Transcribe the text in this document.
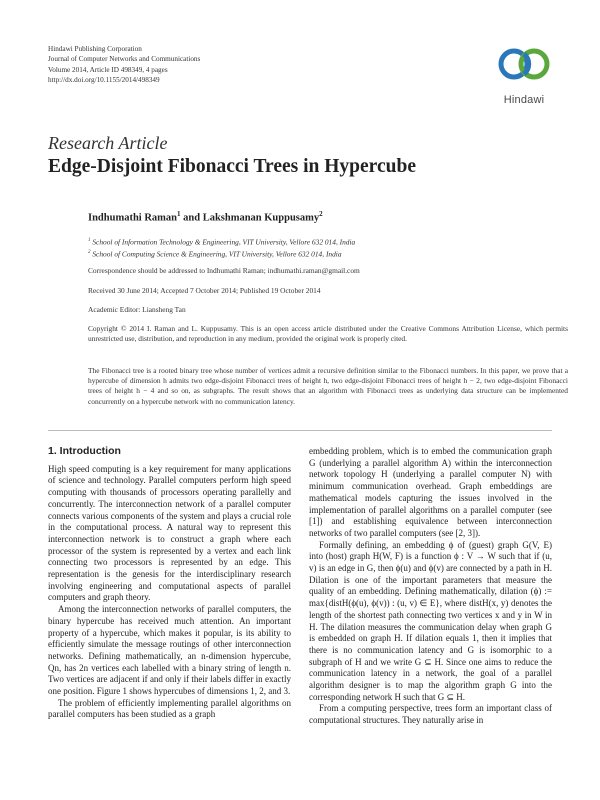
Hindawi Publishing Corporation
Journal of Computer Networks and Communications
Volume 2014, Article ID 498349, 4 pages
http://dx.doi.org/10.1155/2014/498349
Hindawi
Research Article
Edge-Disjoint Fibonacci Trees in Hypercube
Indhumathi Raman$^1$ and Lakshmanan Kuppusamy$^2$
$^1$ School of Information Technology & Engineering, VIT University, Vellore 632 014, India
$^2$ School of Computing Science & Engineering, VIT University, Vellore 632 014, India
Correspondence should be addressed to Indhumathi Raman; indhumathi.raman@gmail.com
Received 30 June 2014; Accepted 7 October 2014; Published 19 October 2014
Academic Editor: Liansheng Tan
Copyright © 2014 I. Raman and L. Kuppusamy. This is an open access article distributed under the Creative Commons Attribution License, which permits unrestricted use, distribution, and reproduction in any medium, provided the original work is properly cited.
The Fibonacci tree is a rooted binary tree whose number of vertices admit a recursive definition similar to the Fibonacci numbers. In this paper, we prove that a hypercube of dimension h admits two edge-disjoint Fibonacci trees of height h, two edge-disjoint Fibonacci trees of height h − 2, two edge-disjoint Fibonacci trees of height h − 4 and so on, as subgraphs. The result shows that an algorithm with Fibonacci trees as underlying data structure can be implemented concurrently on a hypercube network with no communication latency.
1. Introduction

High speed computing is a key requirement for many applications of science and technology. Parallel computers perform high speed computing with thousands of processors operating parallelly and concurrently. The interconnection network of a parallel computer connects various components of the system and plays a crucial role in the computational process. A natural way to represent this interconnection network is to construct a graph where each processor of the system is represented by a vertex and each link connecting two processors is represented by an edge. This representation is the genesis for the interdisciplinary research involving engineering and computational aspects of parallel computers and graph theory.

Among the interconnection networks of parallel computers, the binary hypercube has received much attention. An important property of a hypercube, which makes it popular, is its ability to efficiently simulate the message routings of other interconnection networks. Defining mathematically, an n-dimension hypercube, Qn, has 2n vertices each labelled with a binary string of length n. Two vertices are adjacent if and only if their labels differ in exactly one position. Figure 1 shows hypercubes of dimensions 1, 2, and 3.

The problem of efficiently implementing parallel algorithms on parallel computers has been studied as a graph

embedding problem, which is to embed the communication graph G (underlying a parallel algorithm A) within the interconnection network topology H (underlying a parallel computer N) with minimum communication overhead. Graph embeddings are mathematical models capturing the issues involved in the implementation of parallel algorithms on a parallel computer (see [1]) and establishing equivalence between interconnection networks of two parallel computers (see [2, 3]).

Formally defining, an embedding ϕ of (guest) graph G(V, E) into (host) graph H(W, F) is a function ϕ : V → W such that if (u, v) is an edge in G, then ϕ(u) and ϕ(v) are connected by a path in H. Dilation is one of the important parameters that measure the quality of an embedding. Defining mathematically, dilation (ϕ) := max{distH(ϕ(u), ϕ(v)) : (u, v) ∈ E}, where distH(x, y) denotes the length of the shortest path connecting two vertices x and y in W in H. The dilation measures the communication delay when graph G is embedded on graph H. If dilation equals 1, then it implies that there is no communication latency and G is isomorphic to a subgraph of H and we write G ⊆ H. Since one aims to reduce the communication latency in a network, the goal of a parallel algorithm designer is to map the algorithm graph G into the corresponding network H such that G ⊆ H.

From a computing perspective, trees form an important class of computational structures. They naturally arise in
